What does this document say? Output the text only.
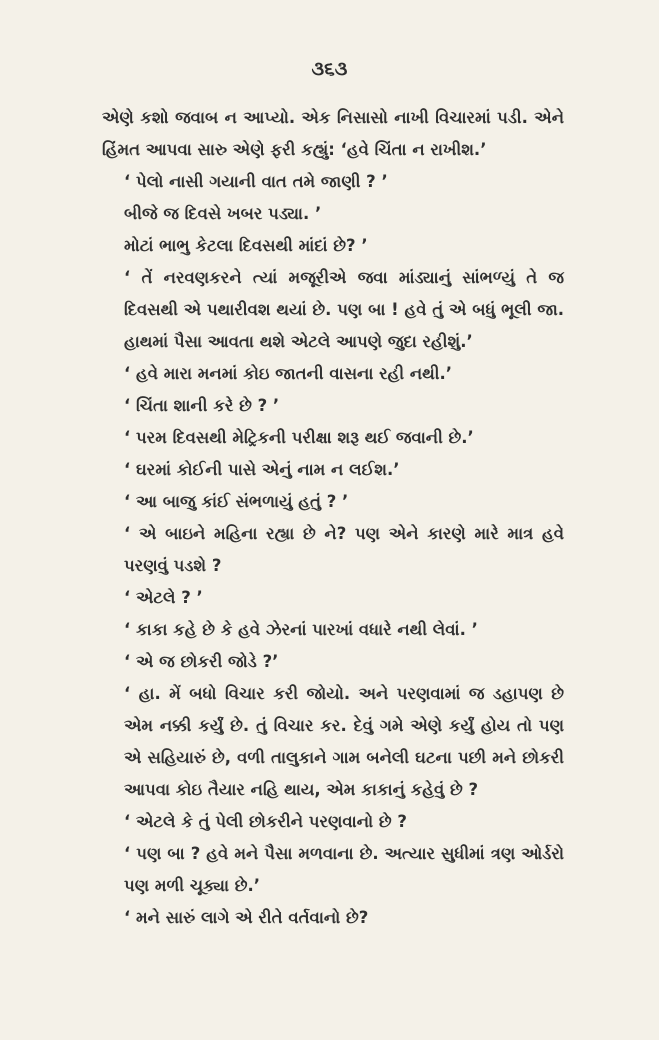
૩૬૩

એણે કશો જવાબ ન આપ્યો. એક નિસાસો નાખી વિચારમાં પડી. એને હિંમત આપવા સારુ એણે ફરી કહ્યું: ‘હવે ચિંતા ન રાખીશ.’

‘ પેલો નાસી ગયાની વાત તમે જાણી ? ’

બીજે જ દિવસે ખબર પડ્યા. ’

મોટાં ભાભુ કેટલા દિવસથી માંદાં છે? ’

‘ તેં નરવણકરને ત્યાં મજૂરીએ જવા માંડ્યાનું સાંભળ્યું તે જ દિવસથી એ પથારીવશ થયાં છે. પણ બા ! હવે તું એ બધું ભૂલી જા. હાથમાં પૈસા આવતા થશે એટલે આપણે જુદા રહીશું.’

‘ હવે મારા મનમાં કોઇ જાતની વાસના રહી નથી.’

‘ ચિંતા શાની કરે છે ? ’

‘ પરમ દિવસથી મેટ્રિકની પરીક્ષા શરૂ થઈ જવાની છે.’

‘ ઘરમાં કોઈની પાસે એનું નામ ન લઈશ.’

‘ આ બાજુ કાંઈ સંભળાયું હતું ? ’

‘ એ બાઇને મહિના રહ્યા છે ને? પણ એને કારણે મારે માત્ર હવે પરણવું પડશે ?

‘ એટલે ? ’

‘ કાકા કહે છે કે હવે ઝેરનાં પારખાં વધારે નથી લેવાં. ’

‘ એ જ છોકરી જોડે ?’

‘ હા. મેં બધો વિચાર કરી જોયો. અને પરણવામાં જ ડહાપણ છે એમ નક્કી કર્યું છે. તું વિચાર કર. દેવું ગમે એણે કર્યું હોય તો પણ એ સહિયારું છે, વળી તાલુકાને ગામ બનેલી ઘટના પછી મને છોકરી આપવા કોઇ તૈયાર નહિ થાય, એમ કાકાનું કહેવું છે ?

‘ એટલે કે તું પેલી છોકરીને પરણવાનો છે ?

‘ પણ બા ? હવે મને પૈસા મળવાના છે. અત્યાર સુધીમાં ત્રણ ઓર્ડરો પણ મળી ચૂક્યા છે.’

‘ મને સારું લાગે એ રીતે વર્તવાનો છે?
